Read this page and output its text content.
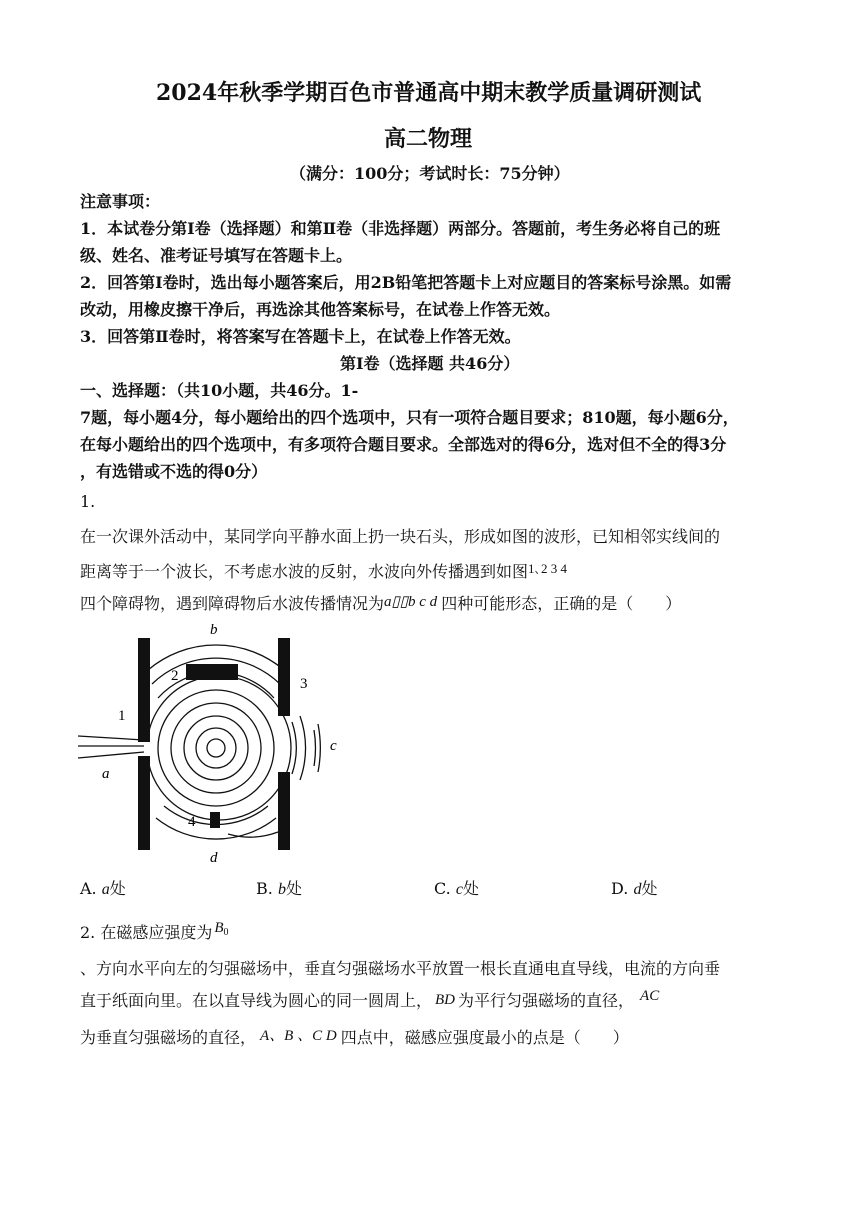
2024年秋季学期百色市普通高中期末教学质量调研测试
高二物理
（满分：100分；考试时长：75分钟）
注意事项：
1．本试卷分第Ⅰ卷（选择题）和第Ⅱ卷（非选择题）两部分。答题前，考生务必将自己的班
级、姓名、准考证号填写在答题卡上。
2．回答第Ⅰ卷时，选出每小题答案后，用2B铅笔把答题卡上对应题目的答案标号涂黑。如需
改动，用橡皮擦干净后，再选涂其他答案标号，在试卷上作答无效。
3．回答第Ⅱ卷时，将答案写在答题卡上，在试卷上作答无效。
第Ⅰ卷（选择题 共46分）
一、选择题：（共10小题，共46分。1-
7题，每小题4分，每小题给出的四个选项中，只有一项符合题目要求；810题，每小题6分，
在每小题给出的四个选项中，有多项符合题目要求。全部选对的得6分，选对但不全的得3分
，有选错或不选的得0分）
1.
在一次课外活动中，某同学向平静水面上扔一块石头，形成如图的波形，已知相邻实线间的
距离等于一个波长，不考虑水波的反射，水波向外传播遇到如图$^{1､2 3 4}$
四个障碍物，遇到障碍物后水波传播情况为a▯▯b c d 四种可能形态，正确的是（　　）
1
2	3
4
a
b
c
d
A. a处	B. b处	C. c处	D. d处
2. 在磁感应强度为 $B_0$
、方向水平向左的匀强磁场中，垂直匀强磁场水平放置一根长直通电直导线，电流的方向垂
直于纸面向里。在以直导线为圆心的同一圆周上， BD 为平行匀强磁场的直径， AC
为垂直匀强磁场的直径， A、B 、C D 四点中，磁感应强度最小的点是（　　）
